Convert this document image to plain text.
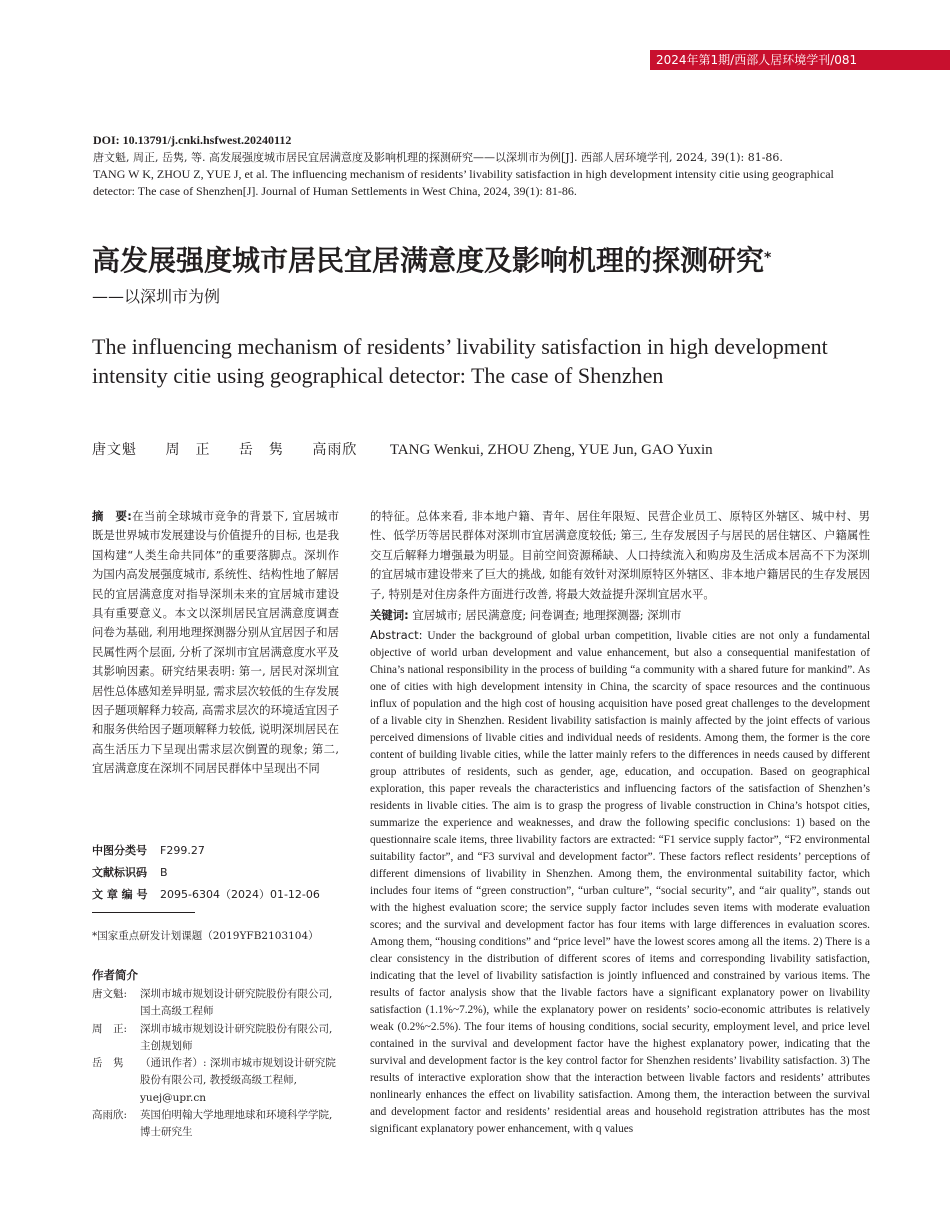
2024年第1期/西部人居环境学刊/081
DOI: 10.13791/j.cnki.hsfwest.20240112
唐文魁, 周正, 岳隽, 等. 高发展强度城市居民宜居满意度及影响机理的探测研究——以深圳市为例[J]. 西部人居环境学刊, 2024, 39(1): 81-86.
TANG W K, ZHOU Z, YUE J, et al. The influencing mechanism of residents’ livability satisfaction in high development intensity citie using geographical detector: The case of Shenzhen[J]. Journal of Human Settlements in West China, 2024, 39(1): 81-86.
高发展强度城市居民宜居满意度及影响机理的探测研究*
——以深圳市为例
The influencing mechanism of residents’ livability satisfaction in high development intensity citie using geographical detector: The case of Shenzhen
唐文魁 周　正 岳　隽 高雨欣 TANG Wenkui, ZHOU Zheng, YUE Jun, GAO Yuxin
摘　要:在当前全球城市竞争的背景下, 宜居城市既是世界城市发展建设与价值提升的目标, 也是我国构建“人类生命共同体”的重要落脚点。深圳作为国内高发展强度城市, 系统性、结构性地了解居民的宜居满意度对指导深圳未来的宜居城市建设具有重要意义。本文以深圳居民宜居满意度调查问卷为基础, 利用地理探测器分别从宜居因子和居民属性两个层面, 分析了深圳市宜居满意度水平及其影响因素。研究结果表明: 第一, 居民对深圳宜居性总体感知差异明显, 需求层次较低的生存发展因子题项解释力较高, 高需求层次的环境适宜因子和服务供给因子题项解释力较低, 说明深圳居民在高生活压力下呈现出需求层次倒置的现象; 第二, 宜居满意度在深圳不同居民群体中呈现出不同
的特征。总体来看, 非本地户籍、青年、居住年限短、民营企业员工、原特区外辖区、城中村、男性、低学历等居民群体对深圳市宜居满意度较低; 第三, 生存发展因子与居民的居住辖区、户籍属性交互后解释力增强最为明显。目前空间资源稀缺、人口持续流入和购房及生活成本居高不下为深圳的宜居城市建设带来了巨大的挑战, 如能有效针对深圳原特区外辖区、非本地户籍居民的生存发展因子, 特别是对住房条件方面进行改善, 将最大效益提升深圳宜居水平。
关键词: 宜居城市; 居民满意度; 问卷调查; 地理探测器; 深圳市
Abstract: Under the background of global urban competition, livable cities are not only a fundamental objective of world urban development and value enhancement, but also a consequential manifestation of China’s national responsibility in the process of building “a community with a shared future for mankind”. As one of cities with high development intensity in China, the scarcity of space resources and the continuous influx of population and the high cost of housing acquisition have posed great challenges to the development of a livable city in Shenzhen. Resident livability satisfaction is mainly affected by the joint effects of various perceived dimensions of livable cities and individual needs of residents. Among them, the former is the core content of building livable cities, while the latter mainly refers to the differences in needs caused by different group attributes of residents, such as gender, age, education, and occupation. Based on geographical exploration, this paper reveals the characteristics and influencing factors of the satisfaction of Shenzhen’s residents in livable cities. The aim is to grasp the progress of livable construction in China’s hotspot cities, summarize the experience and weaknesses, and draw the following specific conclusions: 1) based on the questionnaire scale items, three livability factors are extracted: “F1 service supply factor”, “F2 environmental suitability factor”, and “F3 survival and development factor”. These factors reflect residents’ perceptions of different dimensions of livability in Shenzhen. Among them, the environmental suitability factor, which includes four items of “green construction”, “urban culture”, “social security”, and “air quality”, stands out with the highest evaluation score; the service supply factor includes seven items with moderate evaluation scores; and the survival and development factor has four items with large differences in evaluation scores. Among them, “housing conditions” and “price level” have the lowest scores among all the items. 2) There is a clear consistency in the distribution of different scores of items and corresponding livability satisfaction, indicating that the level of livability satisfaction is jointly influenced and constrained by various items. The results of factor analysis show that the livable factors have a significant explanatory power on livability satisfaction (1.1%~7.2%), while the explanatory power on residents’ socio-economic attributes is relatively weak (0.2%~2.5%). The four items of housing conditions, social security, employment level, and price level contained in the survival and development factor have the highest explanatory power, indicating that the survival and development factor is the key control factor for Shenzhen residents’ livability satisfaction. 3) The results of interactive exploration show that the interaction between livable factors and residents’ attributes nonlinearly enhances the effect on livability satisfaction. Among them, the interaction between the survival and development factor and residents’ residential areas and household registration attributes has the most significant explanatory power enhancement, with q values
中图分类号 F299.27
文献标识码 B
文 章 编 号 2095-6304（2024）01-12-06
*国家重点研发计划课题（2019YFB2103104）
作者简介
唐文魁:	深圳市城市规划设计研究院股份有限公司, 国土高级工程师
周　正:	深圳市城市规划设计研究院股份有限公司, 主创规划师
岳　隽	（通讯作者）: 深圳市城市规划设计研究院股份有限公司, 教授级高级工程师, yuej@upr.cn
高雨欣:	英国伯明翰大学地理地球和环境科学学院, 博士研究生
